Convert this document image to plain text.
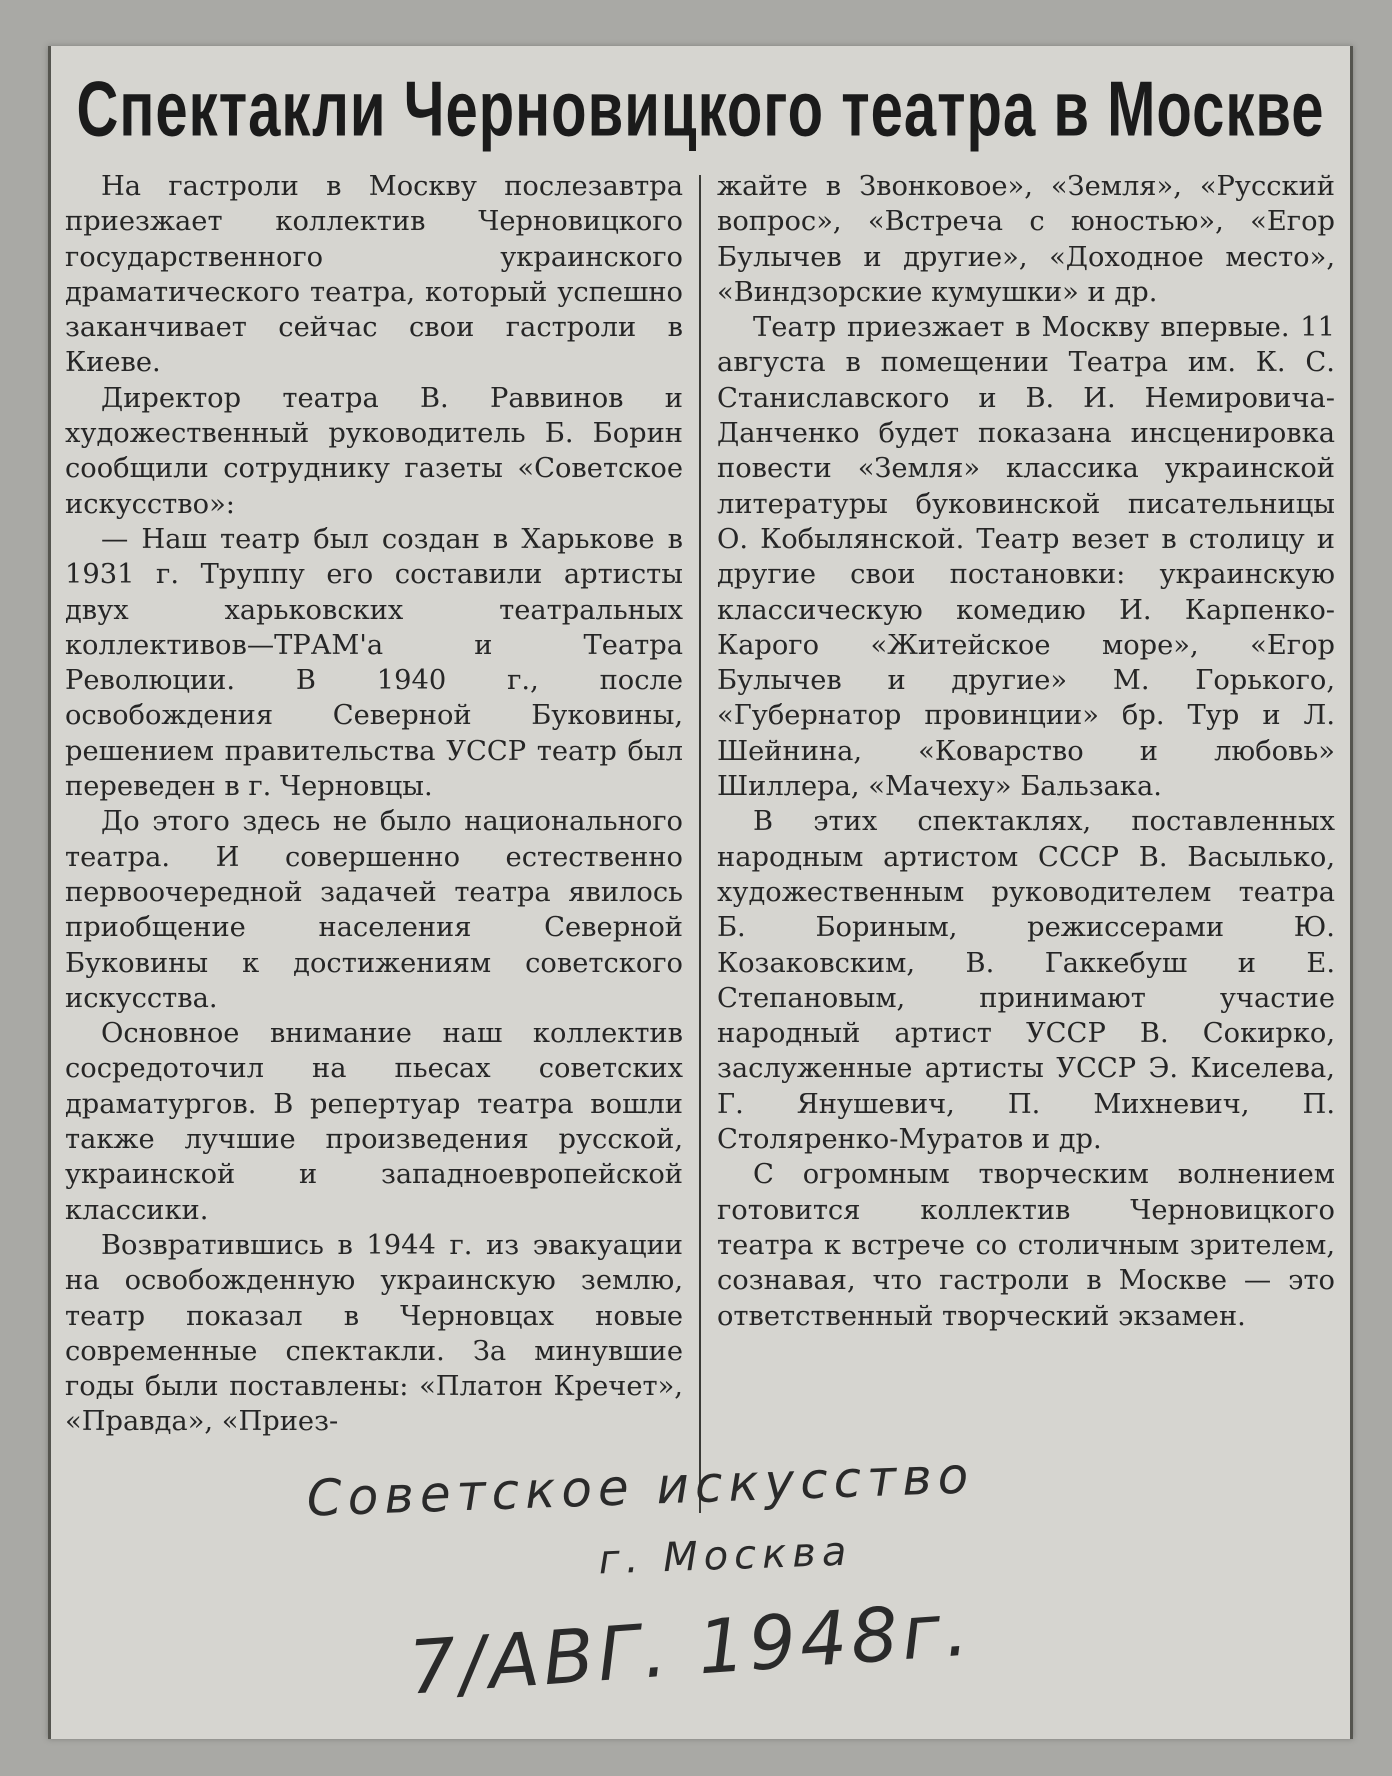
Спектакли Черновицкого театра в Москве

На гастроли в Москву послезавтра приезжает коллектив Черновицкого государственного украинского драматического театра, который успешно заканчивает сейчас свои гастроли в Киеве.

Директор театра В. Раввинов и художественный руководитель Б. Борин сообщили сотруднику газеты «Советское искусство»:

— Наш театр был создан в Харькове в 1931 г. Труппу его составили артисты двух харьковских театральных коллективов—ТРАМ'а и Театра Революции. В 1940 г., после освобождения Северной Буковины, решением правительства УССР театр был переведен в г. Черновцы.

До этого здесь не было национального театра. И совершенно естественно первоочередной задачей театра явилось приобщение населения Северной Буковины к достижениям советского искусства.

Основное внимание наш коллектив сосредоточил на пьесах советских драматургов. В репертуар театра вошли также лучшие произведения русской, украинской и западноевропейской классики.

Возвратившись в 1944 г. из эвакуации на освобожденную украинскую землю, театр показал в Черновцах новые современные спектакли. За минувшие годы были поставлены: «Платон Кречет», «Правда», «Приез-

жайте в Звонковое», «Земля», «Русский вопрос», «Встреча с юностью», «Егор Булычев и другие», «Доходное место», «Виндзорские кумушки» и др.

Театр приезжает в Москву впервые. 11 августа в помещении Театра им. К. С. Станиславского и В. И. Немировича-Данченко будет показана инсценировка повести «Земля» классика украинской литературы буковинской писательницы О. Кобылянской. Театр везет в столицу и другие свои постановки: украинскую классическую комедию И. Карпенко-Карого «Житейское море», «Егор Булычев и другие» М. Горького, «Губернатор провинции» бр. Тур и Л. Шейнина, «Коварство и любовь» Шиллера, «Мачеху» Бальзака.

В этих спектаклях, поставленных народным артистом СССР В. Васылько, художественным руководителем театра Б. Бориным, режиссерами Ю. Козаковским, В. Гаккебуш и Е. Степановым, принимают участие народный артист УССР В. Сокирко, заслуженные артисты УССР Э. Киселева, Г. Янушевич, П. Михневич, П. Столяренко-Муратов и др.

С огромным творческим волнением готовится коллектив Черновицкого театра к встрече со столичным зрителем, сознавая, что гастроли в Москве — это ответственный творческий экзамен.

Советское искусство
г. Москва
7/АВГ. 1948г.
